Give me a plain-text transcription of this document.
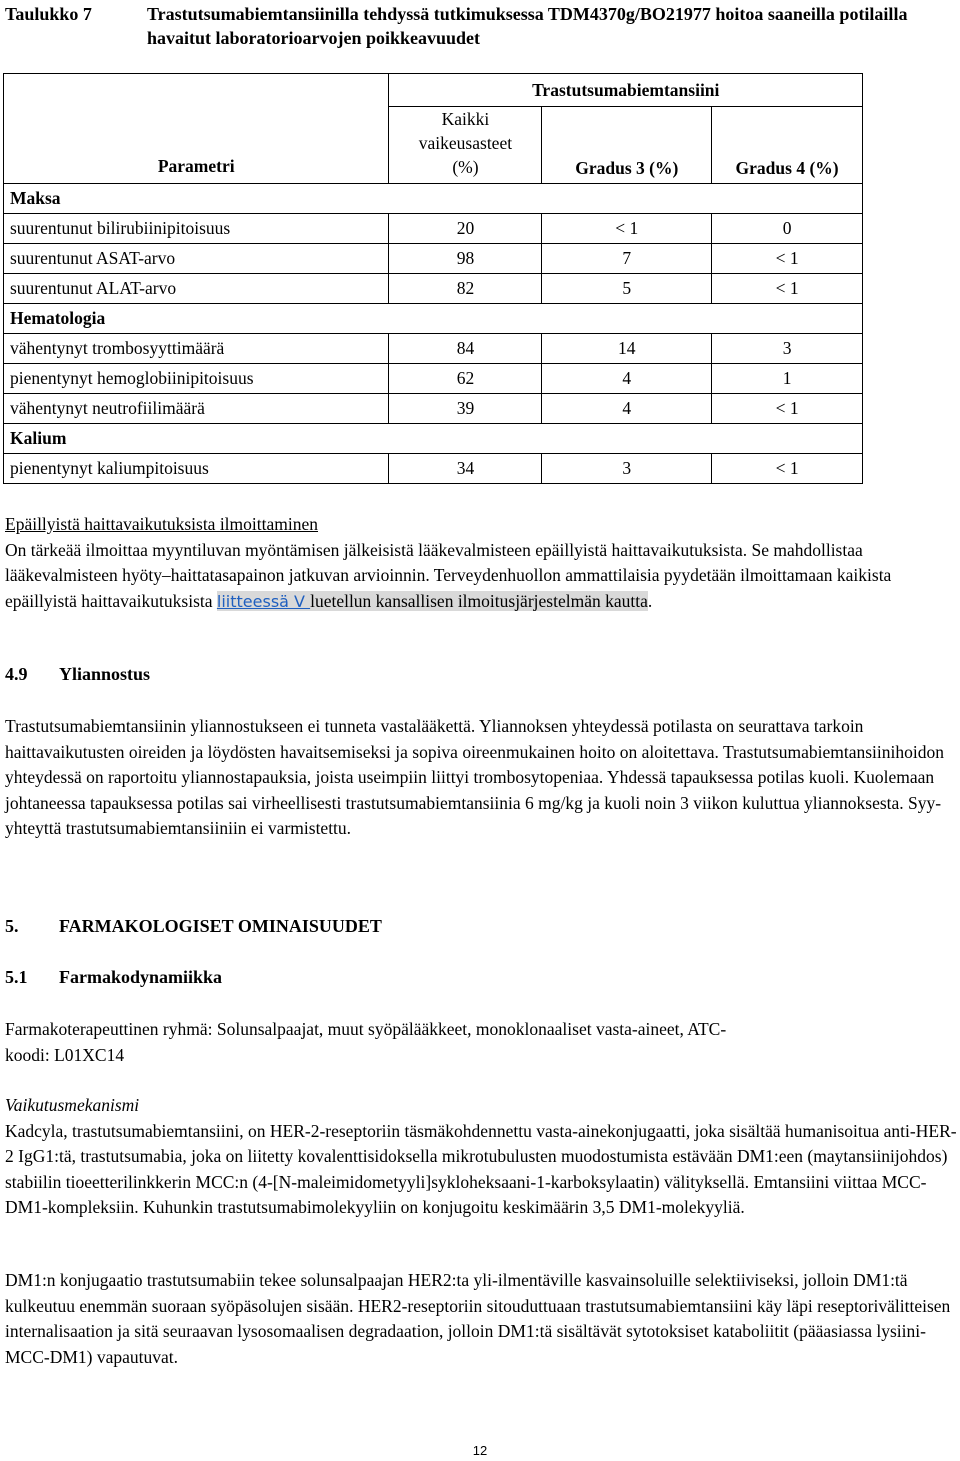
Taulukko 7	Trastutsumabiemtansiinilla tehdyssä tutkimuksessa TDM4370g/BO21977 hoitoa saaneilla potilailla havaitut laboratorioarvojen poikkeavuudet
Parametri	Trastutsumabiemtansiini		
	Kaikki vaikeusasteet (%)	Gradus 3 (%)	Gradus 4 (%)
Maksa			
suurentunut bilirubiinipitoisuus	20	< 1	0
suurentunut ASAT-arvo	98	7	< 1
suurentunut ALAT-arvo	82	5	< 1
Hematologia			
vähentynyt trombosyyttimäärä	84	14	3
pienentynyt hemoglobiinipitoisuus	62	4	1
vähentynyt neutrofiilimäärä	39	4	< 1
Kalium			
pienentynyt kaliumpitoisuus	34	3	< 1

Epäillyistä haittavaikutuksista ilmoittaminen

On tärkeää ilmoittaa myyntiluvan myöntämisen jälkeisistä lääkevalmisteen epäillyistä haittavaikutuksista. Se mahdollistaa lääkevalmisteen hyöty–haittatasapainon jatkuvan arvioinnin. Terveydenhuollon ammattilaisia pyydetään ilmoittamaan kaikista epäillyistä haittavaikutuksista liitteessä V luetellun kansallisen ilmoitusjärjestelmän kautta.

4.9 Yliannostus

Trastutsumabiemtansiinin yliannostukseen ei tunneta vastalääkettä. Yliannoksen yhteydessä potilasta on seurattava tarkoin haittavaikutusten oireiden ja löydösten havaitsemiseksi ja sopiva oireenmukainen hoito on aloitettava. Trastutsumabiemtansiinihoidon yhteydessä on raportoitu yliannostapauksia, joista useimpiin liittyi trombosytopeniaa. Yhdessä tapauksessa potilas kuoli. Kuolemaan johtaneessa tapauksessa potilas sai virheellisesti trastutsumabiemtansiinia 6 mg/kg ja kuoli noin 3 viikon kuluttua yliannoksesta. Syy-yhteyttä trastutsumabiemtansiiniin ei varmistettu.

5. FARMAKOLOGISET OMINAISUUDET
5.1 Farmakodynamiikka

Farmakoterapeuttinen ryhmä: Solunsalpaajat, muut syöpälääkkeet, monoklonaaliset vasta-aineet, ATC-

koodi: L01XC14

Vaikutusmekanismi

Kadcyla, trastutsumabiemtansiini, on HER-2-reseptoriin täsmäkohdennettu vasta-ainekonjugaatti, joka sisältää humanisoitua anti-HER-2 IgG1:tä, trastutsumabia, joka on liitetty kovalenttisidoksella mikrotubulusten muodostumista estävään DM1:een (maytansiinijohdos) stabiilin tioeetterilinkkerin MCC:n (4-[N-maleimidometyyli]sykloheksaani-1-karboksylaatin) välityksellä. Emtansiini viittaa MCC-DM1-kompleksiin. Kuhunkin trastutsumabimolekyyliin on konjugoitu keskimäärin 3,5 DM1-molekyyliä.

DM1:n konjugaatio trastutsumabiin tekee solunsalpaajan HER2:ta yli-ilmentäville kasvainsoluille selektiiviseksi, jolloin DM1:tä kulkeutuu enemmän suoraan syöpäsolujen sisään. HER2-reseptoriin sitouduttuaan trastutsumabiemtansiini käy läpi reseptorivälitteisen internalisaation ja sitä seuraavan lysosomaalisen degradaation, jolloin DM1:tä sisältävät sytotoksiset kataboliitit (pääasiassa lysiini-MCC-DM1) vapautuvat.

12
